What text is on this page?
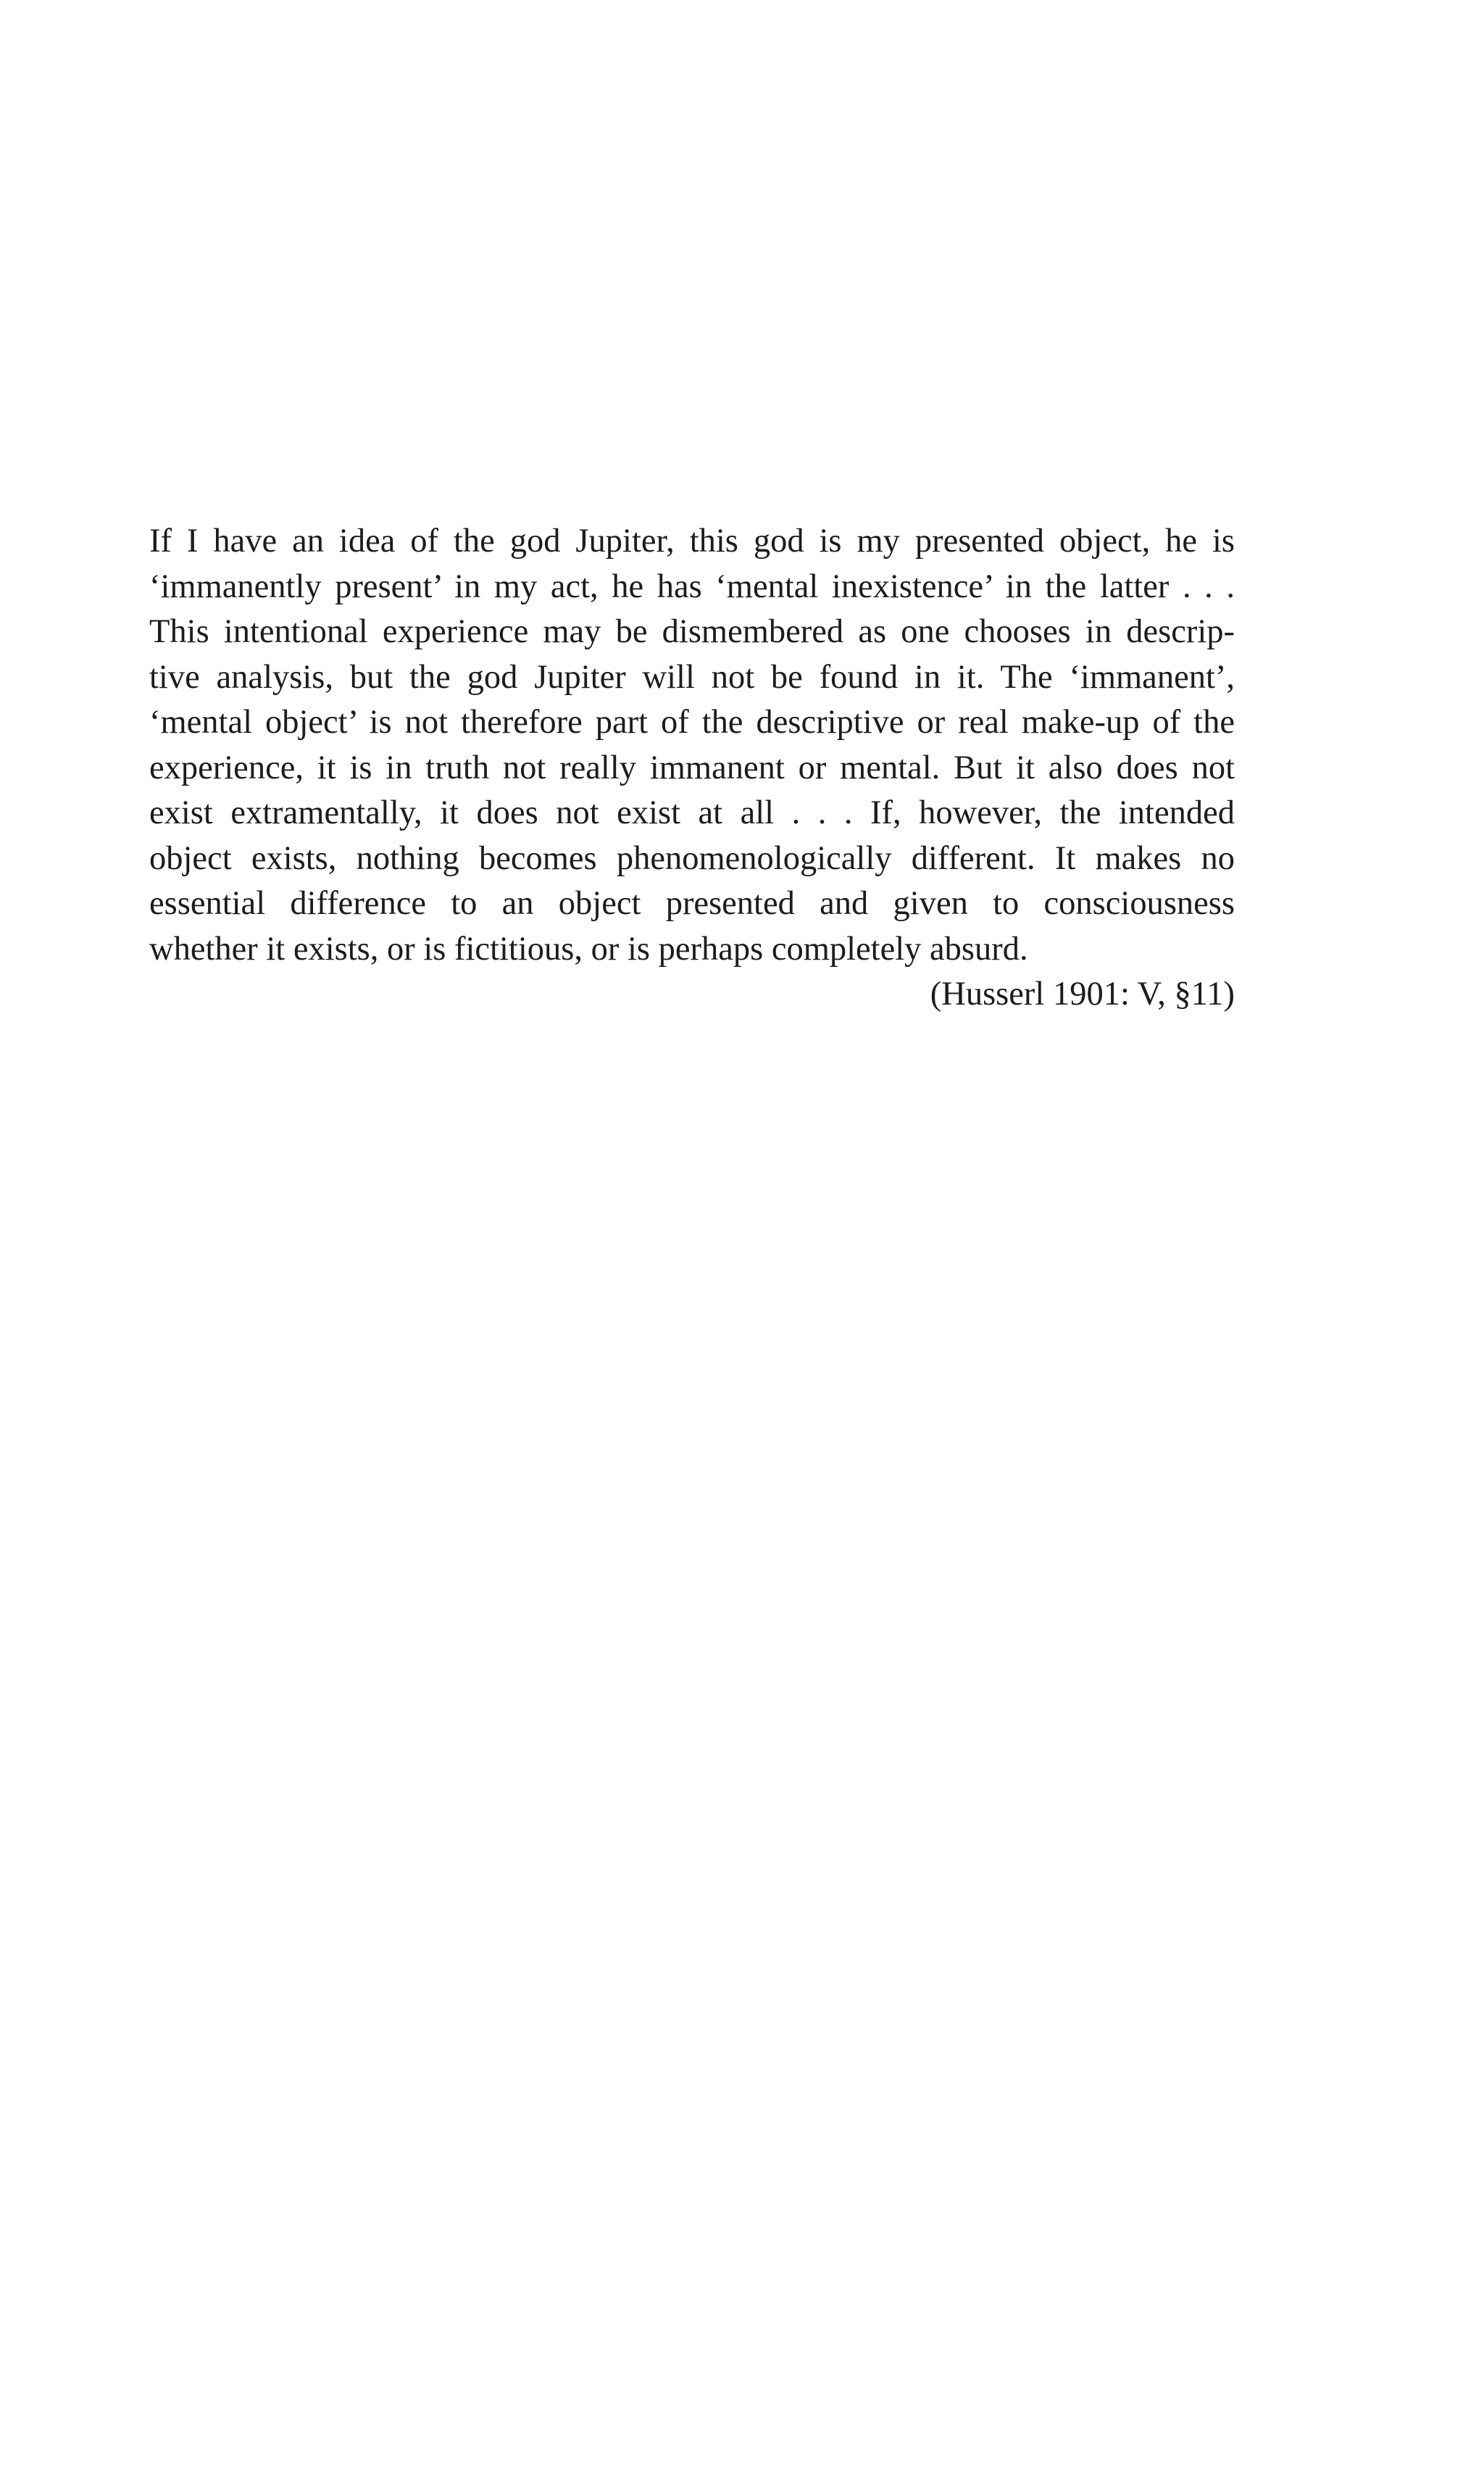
If I have an idea of the god Jupiter, this god is my presented object, he is
‘immanently present’ in my act, he has ‘mental inexistence’ in the latter . . .
This intentional experience may be dismembered as one chooses in descrip-
tive analysis, but the god Jupiter will not be found in it. The ‘immanent’,
‘mental object’ is not therefore part of the descriptive or real make-up of the
experience, it is in truth not really immanent or mental. But it also does not
exist extramentally, it does not exist at all . . . If, however, the intended
object exists, nothing becomes phenomenologically different. It makes no
essential difference to an object presented and given to consciousness
whether it exists, or is fictitious, or is perhaps completely absurd.
(Husserl 1901: V, §11)
